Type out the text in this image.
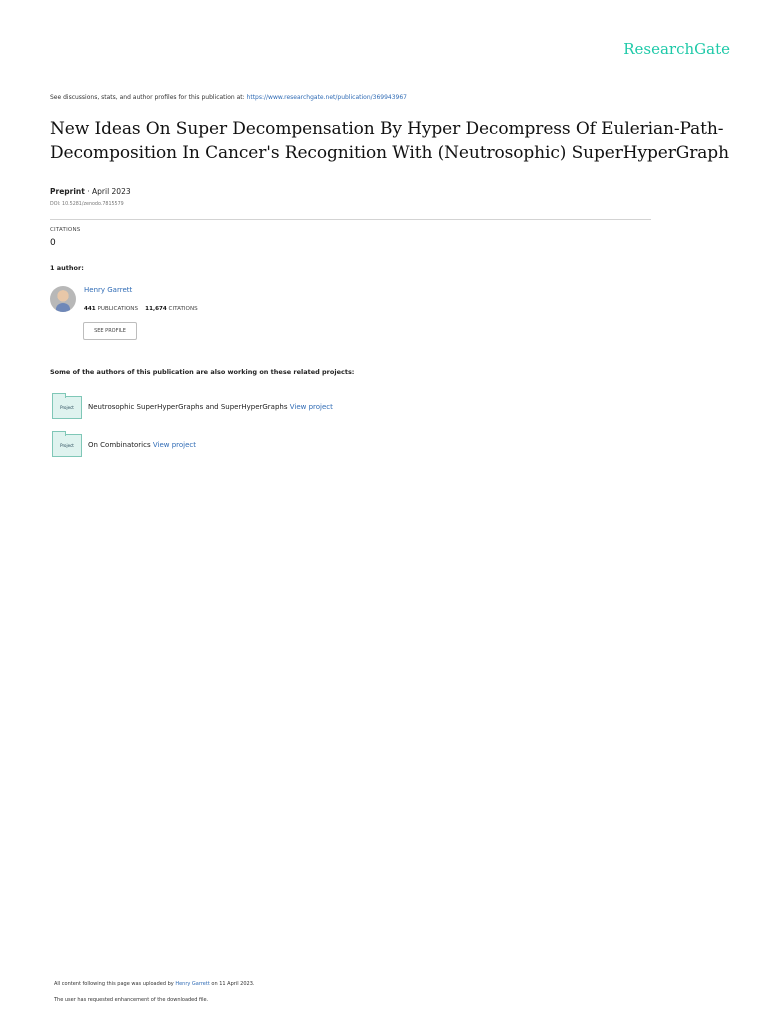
ResearchGate
See discussions, stats, and author profiles for this publication at: https://www.researchgate.net/publication/369943967
New Ideas On Super Decompensation By Hyper Decompress Of Eulerian-Path-Decomposition In Cancer's Recognition With (Neutrosophic) SuperHyperGraph
Preprint · April 2023
DOI: 10.5281/zenodo.7815579
CITATIONS
0
1 author:
Henry Garrett
441 PUBLICATIONS 11,674 CITATIONS
SEE PROFILE
Some of the authors of this publication are also working on these related projects:
Project Neutrosophic SuperHyperGraphs and SuperHyperGraphs View project
Project On Combinatorics View project
All content following this page was uploaded by Henry Garrett on 11 April 2023.
The user has requested enhancement of the downloaded file.
